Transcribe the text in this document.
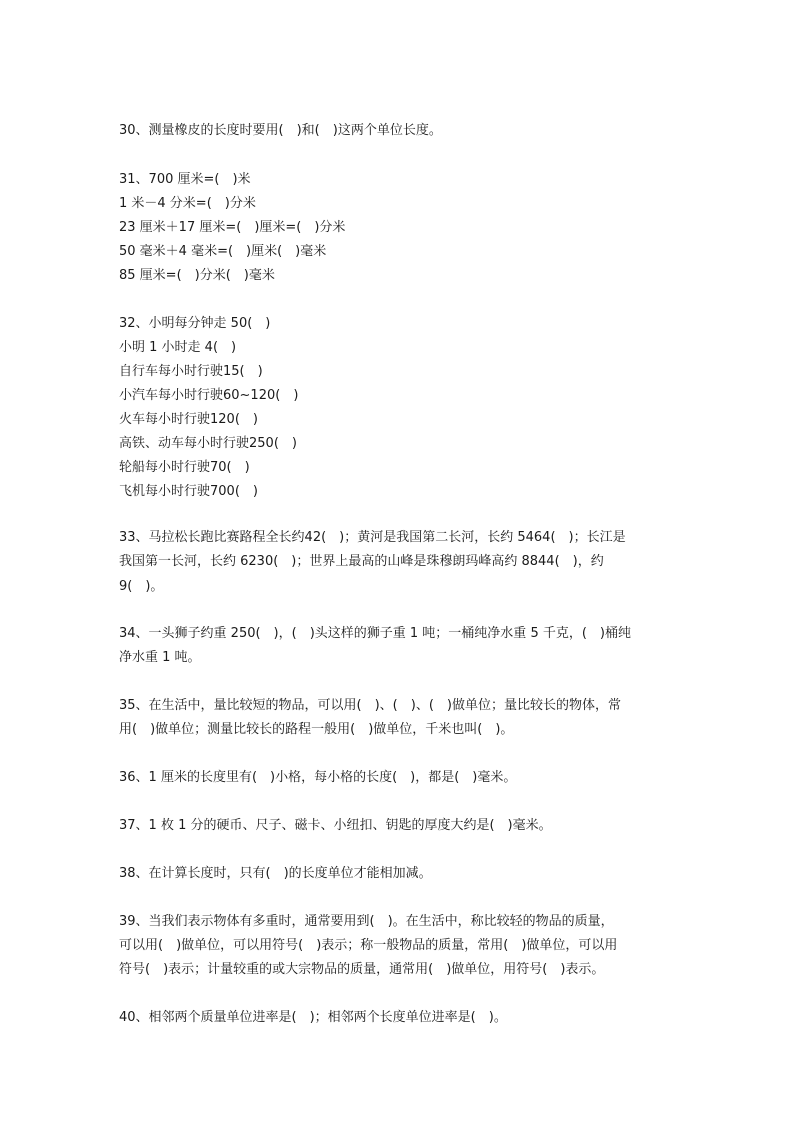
30、测量橡皮的长度时要用(　)和(　)这两个单位长度。
31、700 厘米=(　)米
1 米－4 分米=(　)分米
23 厘米＋17 厘米=(　)厘米=(　)分米
50 毫米＋4 毫米=(　)厘米(　)毫米
85 厘米=(　)分米(　)毫米
32、小明每分钟走 50(　)
小明 1 小时走 4(　)
自行车每小时行驶15(　)
小汽车每小时行驶60~120(　)
火车每小时行驶120(　)
高铁、动车每小时行驶250(　)
轮船每小时行驶70(　)
飞机每小时行驶700(　)
33、马拉松长跑比赛路程全长约42(　)；黄河是我国第二长河，长约 5464(　)；长江是
我国第一长河，长约 6230(　)；世界上最高的山峰是珠穆朗玛峰高约 8844(　)，约
9(　)。
34、一头狮子约重 250(　)，(　)头这样的狮子重 1 吨；一桶纯净水重 5 千克，(　)桶纯
净水重 1 吨。
35、在生活中，量比较短的物品，可以用(　)、(　)、(　)做单位；量比较长的物体，常
用(　)做单位；测量比较长的路程一般用(　)做单位，千米也叫(　)。
36、1 厘米的长度里有(　)小格，每小格的长度(　)，都是(　)毫米。
37、1 枚 1 分的硬币、尺子、磁卡、小纽扣、钥匙的厚度大约是(　)毫米。
38、在计算长度时，只有(　)的长度单位才能相加减。
39、当我们表示物体有多重时，通常要用到(　)。在生活中，称比较轻的物品的质量，
可以用(　)做单位，可以用符号(　)表示；称一般物品的质量，常用(　)做单位，可以用
符号(　)表示；计量较重的或大宗物品的质量，通常用(　)做单位，用符号(　)表示。
40、相邻两个质量单位进率是(　)；相邻两个长度单位进率是(　)。
